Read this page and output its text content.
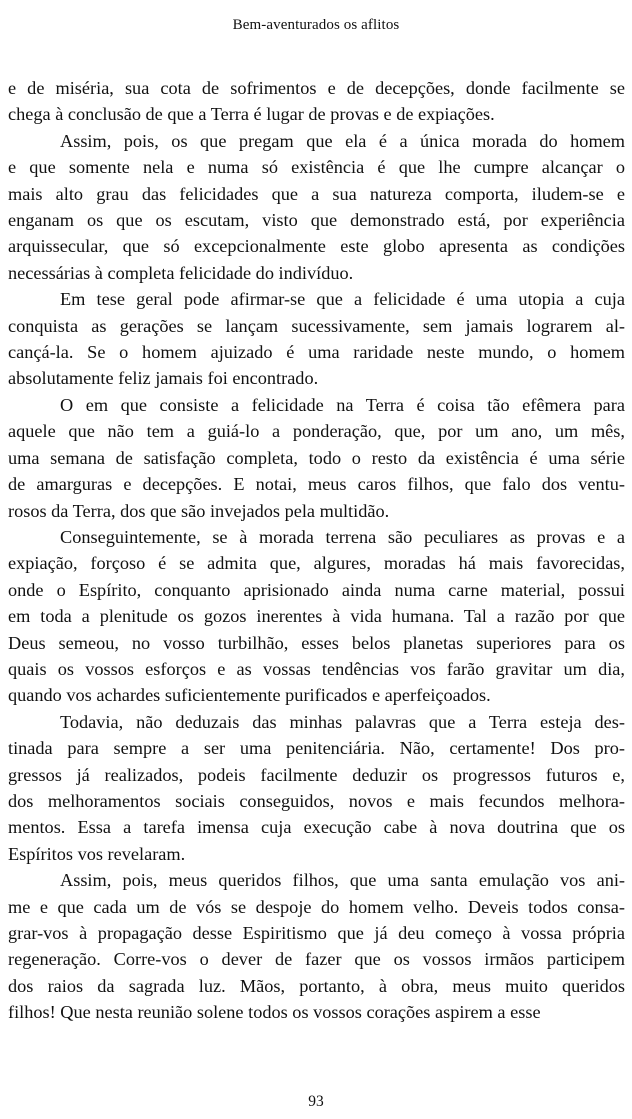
Bem-aventurados os aflitos
e de miséria, sua cota de sofrimentos e de decepções, donde facilmente se
chega à conclusão de que a Terra é lugar de provas e de expiações.
Assim, pois, os que pregam que ela é a única morada do homem
e que somente nela e numa só existência é que lhe cumpre alcançar o
mais alto grau das felicidades que a sua natureza comporta, iludem-se e
enganam os que os escutam, visto que demonstrado está, por experiência
arquissecular, que só excepcionalmente este globo apresenta as condições
necessárias à completa felicidade do indivíduo.
Em tese geral pode afirmar-se que a felicidade é uma utopia a cuja
conquista as gerações se lançam sucessivamente, sem jamais lograrem al-
cançá-la. Se o homem ajuizado é uma raridade neste mundo, o homem
absolutamente feliz jamais foi encontrado.
O em que consiste a felicidade na Terra é coisa tão efêmera para
aquele que não tem a guiá-lo a ponderação, que, por um ano, um mês,
uma semana de satisfação completa, todo o resto da existência é uma série
de amarguras e decepções. E notai, meus caros filhos, que falo dos ventu-
rosos da Terra, dos que são invejados pela multidão.
Conseguintemente, se à morada terrena são peculiares as provas e a
expiação, forçoso é se admita que, algures, moradas há mais favorecidas,
onde o Espírito, conquanto aprisionado ainda numa carne material, possui
em toda a plenitude os gozos inerentes à vida humana. Tal a razão por que
Deus semeou, no vosso turbilhão, esses belos planetas superiores para os
quais os vossos esforços e as vossas tendências vos farão gravitar um dia,
quando vos achardes suficientemente purificados e aperfeiçoados.
Todavia, não deduzais das minhas palavras que a Terra esteja des-
tinada para sempre a ser uma penitenciária. Não, certamente! Dos pro-
gressos já realizados, podeis facilmente deduzir os progressos futuros e,
dos melhoramentos sociais conseguidos, novos e mais fecundos melhora-
mentos. Essa a tarefa imensa cuja execução cabe à nova doutrina que os
Espíritos vos revelaram.
Assim, pois, meus queridos filhos, que uma santa emulação vos ani-
me e que cada um de vós se despoje do homem velho. Deveis todos consa-
grar-vos à propagação desse Espiritismo que já deu começo à vossa própria
regeneração. Corre-vos o dever de fazer que os vossos irmãos participem
dos raios da sagrada luz. Mãos, portanto, à obra, meus muito queridos
filhos! Que nesta reunião solene todos os vossos corações aspirem a esse
93
